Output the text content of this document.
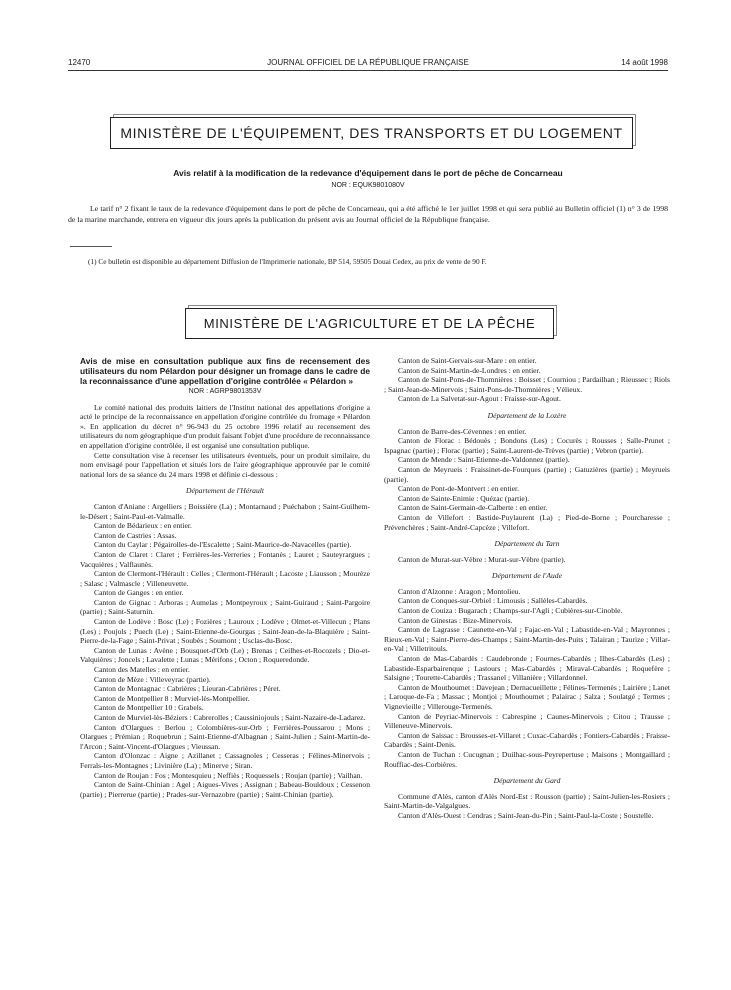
12470	JOURNAL OFFICIEL DE LA RÉPUBLIQUE FRANÇAISE	14 août 1998
MINISTÈRE DE L'ÉQUIPEMENT, DES TRANSPORTS ET DU LOGEMENT
Avis relatif à la modification de la redevance d'équipement dans le port de pêche de Concarneau
NOR : EQUK9801080V
Le tarif n° 2 fixant le taux de la redevance d'équipement dans le port de pêche de Concarneau, qui a été affiché le 1er juillet 1998 et qui sera publié au Bulletin officiel (1) n° 3 de 1998 de la marine marchande, entrera en vigueur dix jours après la publication du présent avis au Journal officiel de la République française.
(1) Ce bulletin est disponible au département Diffusion de l'Imprimerie nationale, BP 514, 59505 Douai Cedex, au prix de vente de 90 F.
MINISTÈRE DE L'AGRICULTURE ET DE LA PÊCHE
Avis de mise en consultation publique aux fins de recensement des utilisateurs du nom Pélardon pour désigner un fromage dans le cadre de la reconnaissance d'une appellation d'origine contrôlée « Pélardon »
NOR : AGRP9801353V

Le comité national des produits laitiers de l'Institut national des appellations d'origine a acté le principe de la reconnaissance en appellation d'origine contrôlée du fromage « Pélardon ». En application du décret n° 96-943 du 25 octobre 1996 relatif au recensement des utilisateurs du nom géographique d'un produit faisant l'objet d'une procédure de reconnaissance en appellation d'origine contrôlée, il est organisé une consultation publique.

Cette consultation vise à recenser les utilisateurs éventuels, pour un produit similaire, du nom envisagé pour l'appellation et situés lors de l'aire géographique approuvée par le comité national lors de sa séance du 24 mars 1998 et définie ci-dessous :

Département de l'Hérault

Canton d'Aniane : Argelliers ; Boissière (La) ; Montarnaud ; Puéchabon ; Saint-Guilhem-le-Désert ; Saint-Paul-et-Valmalle.

Canton de Bédarieux : en entier.

Canton de Castries : Assas.

Canton du Caylar : Pégairolles-de-l'Escalette ; Saint-Maurice-de-Navacelles (partie).

Canton de Claret : Claret ; Ferrières-les-Verreries ; Fontanès ; Lauret ; Sauteyrargues ; Vacquières ; Valflaunès.

Canton de Clermont-l'Hérault : Celles ; Clermont-l'Hérault ; Lacoste ; Liausson ; Mourèze ; Salasc ; Valmascle ; Villeneuvette.

Canton de Ganges : en entier.

Canton de Gignac : Arboras ; Aumelas ; Montpeyroux ; Saint-Guiraud ; Saint-Pargoire (partie) ; Saint-Saturnin.

Canton de Lodève : Bosc (Le) ; Fozières ; Lauroux ; Lodève ; Olmet-et-Villecun ; Plans (Les) ; Poujols ; Puech (Le) ; Saint-Etienne-de-Gourgas ; Saint-Jean-de-la-Blaquière ; Saint-Pierre-de-la-Fage ; Saint-Privat ; Soubès ; Soumont ; Usclas-du-Bosc.

Canton de Lunas : Avène ; Bousquet-d'Orb (Le) ; Brenas ; Ceilhes-et-Rocozels ; Dio-et-Valquières ; Joncels ; Lavalette ; Lunas ; Mérifons ; Octon ; Roqueredonde.

Canton des Matelles : en entier.

Canton de Mèze : Villeveyrac (partie).

Canton de Montagnac : Cabrières ; Lieuran-Cabrières ; Péret.

Canton de Montpellier 8 : Murviel-lès-Montpellier.

Canton de Montpellier 10 : Grabels.

Canton de Murviel-lès-Béziers : Cabrerolles ; Caussiniojouls ; Saint-Nazaire-de-Ladarez.

Canton d'Olargues : Berlou ; Colombières-sur-Orb ; Ferrières-Poussarou ; Mons ; Olargues ; Prémian ; Roquebrun ; Saint-Etienne-d'Albagnan ; Saint-Julien ; Saint-Martin-de-l'Arcon ; Saint-Vincent-d'Olargues ; Vieussan.

Canton d'Olonzac : Aigne ; Azillanet ; Cassagnoles ; Cesseras ; Félines-Minervois ; Ferrals-les-Montagnes ; Livinière (La) ; Minerve ; Siran.

Canton de Roujan : Fos ; Montesquieu ; Neffiès ; Roquessels ; Roujan (partie) ; Vailhan.

Canton de Saint-Chinian : Agel ; Aigues-Vives ; Assignan ; Babeau-Bouldoux ; Cessenon (partie) ; Pierrerue (partie) ; Prades-sur-Vernazobre (partie) ; Saint-Chinian (partie).

Canton de Saint-Gervais-sur-Mare : en entier.

Canton de Saint-Martin-de-Londres : en entier.

Canton de Saint-Pons-de-Thomnières : Boisset ; Courniou ; Pardailhan ; Rieussec ; Riols ; Saint-Jean-de-Minervois ; Saint-Pons-de-Thomnières ; Vélieux.

Canton de La Salvetat-sur-Agout : Fraisse-sur-Agout.

Département de la Lozère

Canton de Barre-des-Cévennes : en entier.

Canton de Florac : Bédouès ; Bondons (Les) ; Cocurès ; Rousses ; Salle-Prunet ; Ispagnac (partie) ; Florac (partie) ; Saint-Laurent-de-Trèves (partie) ; Vebron (partie).

Canton de Mende : Saint-Etienne-de-Valdonnez (partie).

Canton de Meyrueis : Fraissinet-de-Fourques (partie) ; Gatuzières (partie) ; Meyrueis (partie).

Canton de Pont-de-Montvert : en entier.

Canton de Sainte-Enimie : Quézac (partie).

Canton de Saint-Germain-de-Calberte : en entier.

Canton de Villefort : Bastide-Puylaurent (La) ; Pied-de-Borne ; Pourcharesse ; Prévenchères ; Saint-André-Capcèze ; Villefort.

Département du Tarn

Canton de Murat-sur-Vèbre : Murat-sur-Vèbre (partie).

Département de l'Aude

Canton d'Alzonne : Aragon ; Montolieu.

Canton de Conques-sur-Orbiel : Limousis ; Sallèles-Cabardès.

Canton de Couiza : Bugarach ; Champs-sur-l'Agli ; Cubières-sur-Cinoble.

Canton de Ginestas : Bize-Minervois.

Canton de Lagrasse : Caunette-en-Val ; Fajac-en-Val ; Labastide-en-Val ; Mayronnes ; Rieux-en-Val ; Saint-Pierre-des-Champs ; Saint-Martin-des-Puits ; Talairan ; Taurize ; Villar-en-Val ; Villetritouls.

Canton de Mas-Cabardès : Caudebronde ; Fournes-Cabardès ; Ilhes-Cabardès (Les) ; Labastide-Esparbairenque ; Lastours ; Mas-Cabardès ; Miraval-Cabardès ; Roquefère ; Salsigne ; Tourette-Cabardès ; Trassanel ; Villanière ; Villardonnel.

Canton de Mouthoumet : Davejean ; Dernacueillette ; Félines-Termenès ; Lairière ; Lanet ; Laroque-de-Fa ; Massac ; Montjoi ; Mouthoumet ; Palairac ; Salza ; Soulatgé ; Termes ; Vignevieille ; Villerouge-Termenès.

Canton de Peyriac-Minervois : Cabrespine ; Caunes-Minervois ; Citou ; Trausse ; Villeneuve-Minervois.

Canton de Saissac : Brousses-et-Villaret ; Cuxac-Cabardès ; Fontiers-Cabardès ; Fraisse-Cabardès ; Saint-Denis.

Canton de Tuchan : Cucugnan ; Duilhac-sous-Peyrepertuse ; Maisons ; Montgaillard ; Rouffiac-des-Corbières.

Département du Gard

Commune d'Alès, canton d'Alès Nord-Est : Rousson (partie) ; Saint-Julien-les-Rosiers ; Saint-Martin-de-Valgalgues.

Canton d'Alès-Ouest : Cendras ; Saint-Jean-du-Pin ; Saint-Paul-la-Coste ; Soustelle.
